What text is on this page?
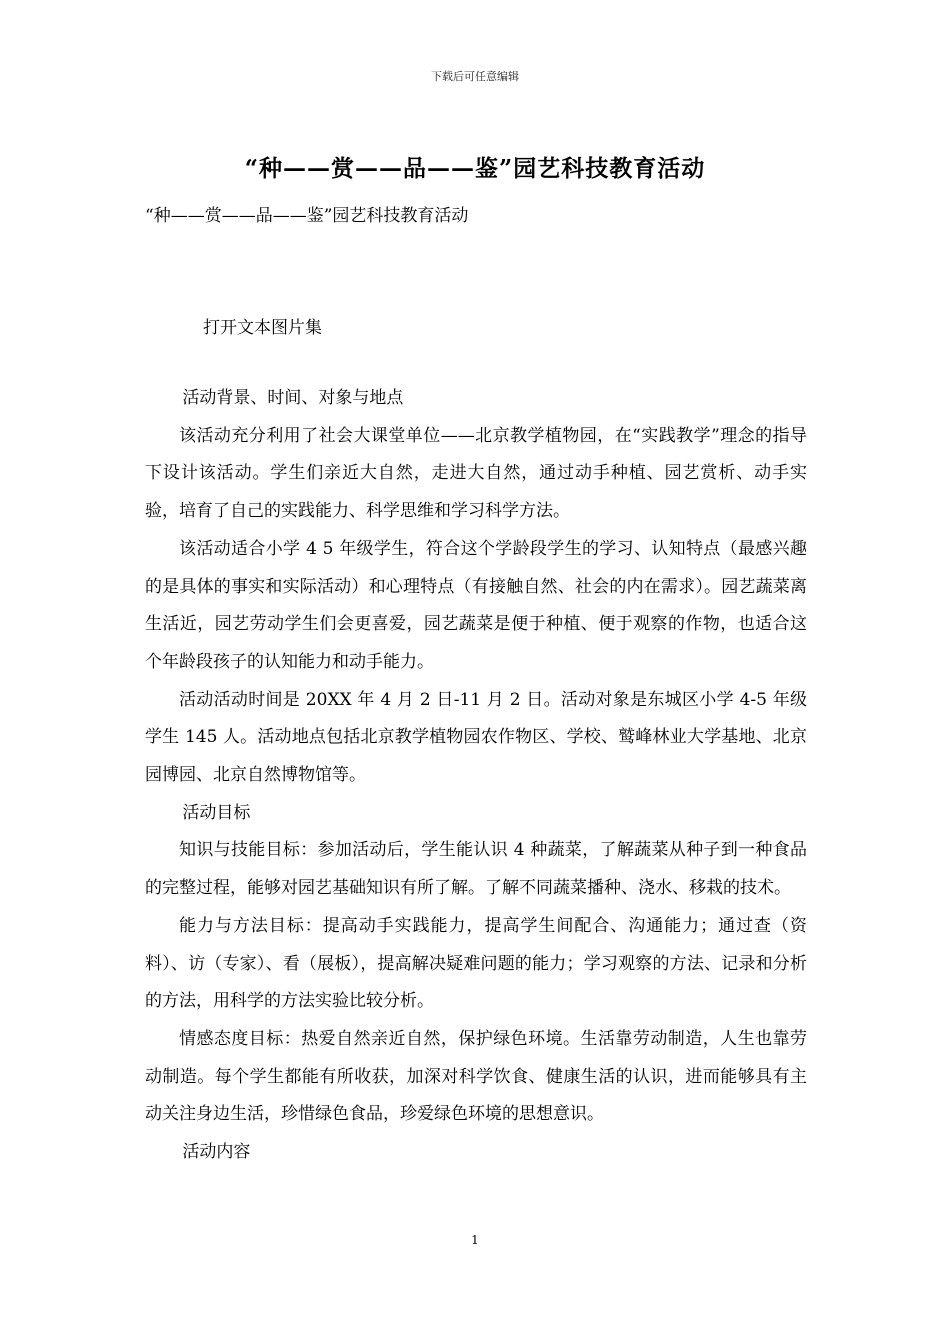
下载后可任意编辑
“种——赏——品——鉴”园艺科技教育活动
“种——赏——品——鉴”园艺科技教育活动
打开文本图片集

活动背景、时间、对象与地点

该活动充分利用了社会大课堂单位——北京教学植物园，在“实践教学”理念的指导下设计该活动。学生们亲近大自然，走进大自然，通过动手种植、园艺赏析、动手实验，培育了自己的实践能力、科学思维和学习科学方法。

该活动适合小学 4 5 年级学生，符合这个学龄段学生的学习、认知特点（最感兴趣的是具体的事实和实际活动）和心理特点（有接触自然、社会的内在需求）。园艺蔬菜离生活近，园艺劳动学生们会更喜爱，园艺蔬菜是便于种植、便于观察的作物，也适合这个年龄段孩子的认知能力和动手能力。

活动活动时间是 20XX 年 4 月 2 日-11 月 2 日。活动对象是东城区小学 4-5 年级学生 145 人。活动地点包括北京教学植物园农作物区、学校、鹫峰林业大学基地、北京园博园、北京自然博物馆等。

活动目标

知识与技能目标：参加活动后，学生能认识 4 种蔬菜，了解蔬菜从种子到一种食品的完整过程，能够对园艺基础知识有所了解。了解不同蔬菜播种、浇水、移栽的技术。

能力与方法目标：提高动手实践能力，提高学生间配合、沟通能力；通过查（资料）、访（专家）、看（展板），提高解决疑难问题的能力；学习观察的方法、记录和分析的方法，用科学的方法实验比较分析。

情感态度目标：热爱自然亲近自然，保护绿色环境。生活靠劳动制造，人生也靠劳动制造。每个学生都能有所收获，加深对科学饮食、健康生活的认识，进而能够具有主动关注身边生活，珍惜绿色食品，珍爱绿色环境的思想意识。

活动内容

1
